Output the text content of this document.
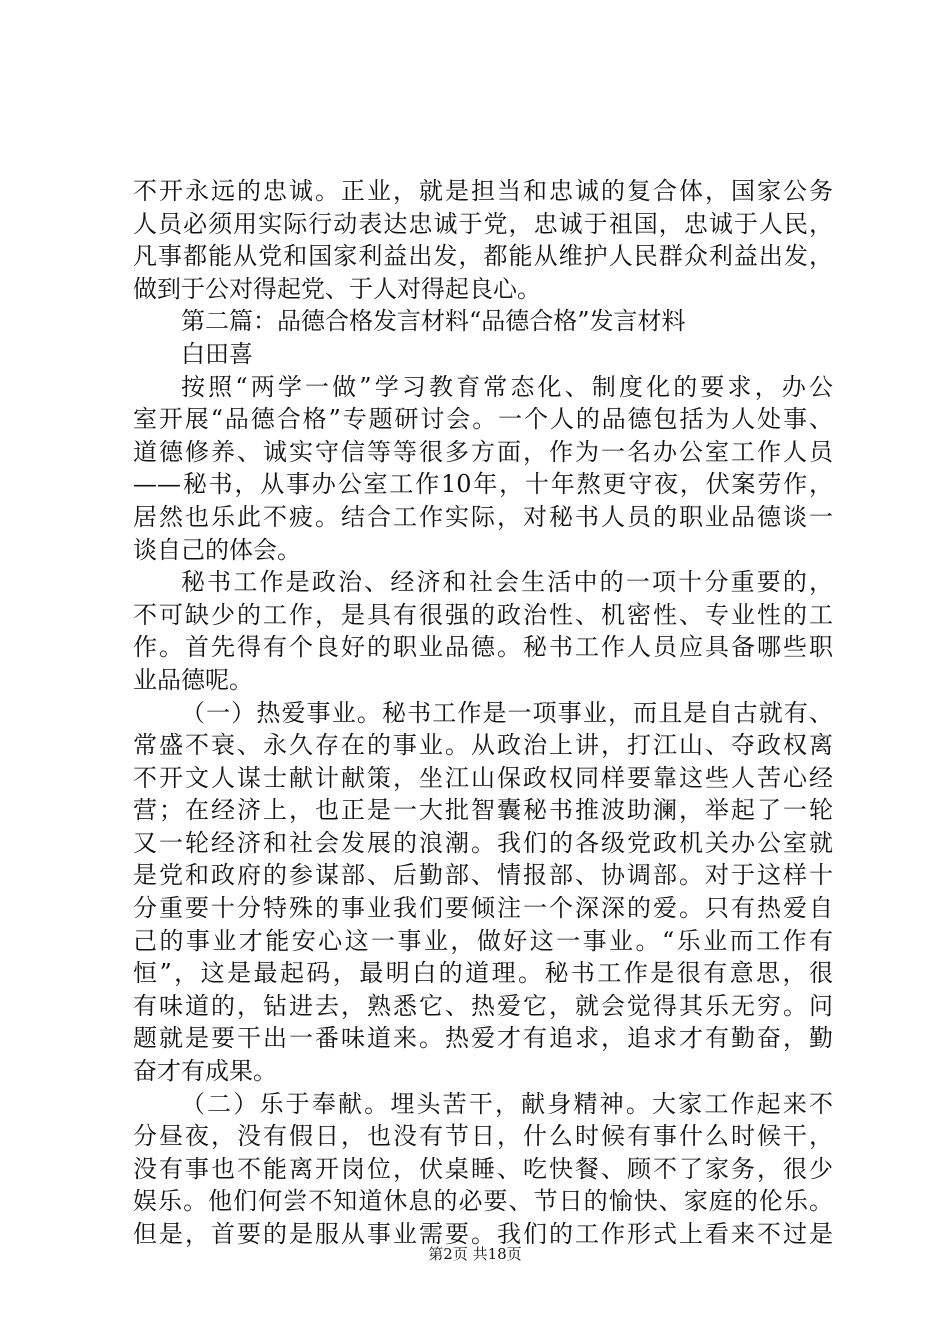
不开永远的忠诚。正业，就是担当和忠诚的复合体，国家公务
人员必须用实际行动表达忠诚于党，忠诚于祖国，忠诚于人民，
凡事都能从党和国家利益出发，都能从维护人民群众利益出发，
做到于公对得起党、于人对得起良心。
第二篇：品德合格发言材料“品德合格”发言材料
白田喜
按照“两学一做”学习教育常态化、制度化的要求，办公
室开展“品德合格”专题研讨会。一个人的品德包括为人处事、
道德修养、诚实守信等等很多方面，作为一名办公室工作人员
——秘书，从事办公室工作10年，十年熬更守夜，伏案劳作，
居然也乐此不疲。结合工作实际，对秘书人员的职业品德谈一
谈自己的体会。
秘书工作是政治、经济和社会生活中的一项十分重要的，
不可缺少的工作，是具有很强的政治性、机密性、专业性的工
作。首先得有个良好的职业品德。秘书工作人员应具备哪些职
业品德呢。
（一）热爱事业。秘书工作是一项事业，而且是自古就有、
常盛不衰、永久存在的事业。从政治上讲，打江山、夺政权离
不开文人谋士献计献策，坐江山保政权同样要靠这些人苦心经
营；在经济上，也正是一大批智囊秘书推波助澜，举起了一轮
又一轮经济和社会发展的浪潮。我们的各级党政机关办公室就
是党和政府的参谋部、后勤部、情报部、协调部。对于这样十
分重要十分特殊的事业我们要倾注一个深深的爱。只有热爱自
己的事业才能安心这一事业，做好这一事业。“乐业而工作有
恒”，这是最起码，最明白的道理。秘书工作是很有意思，很
有味道的，钻进去，熟悉它、热爱它，就会觉得其乐无穷。问
题就是要干出一番味道来。热爱才有追求，追求才有勤奋，勤
奋才有成果。
（二）乐于奉献。埋头苦干，献身精神。大家工作起来不
分昼夜，没有假日，也没有节日，什么时候有事什么时候干，
没有事也不能离开岗位，伏桌睡、吃快餐、顾不了家务，很少
娱乐。他们何尝不知道休息的必要、节日的愉快、家庭的伦乐。
但是，首要的是服从事业需要。我们的工作形式上看来不过是
第2页 共18页
